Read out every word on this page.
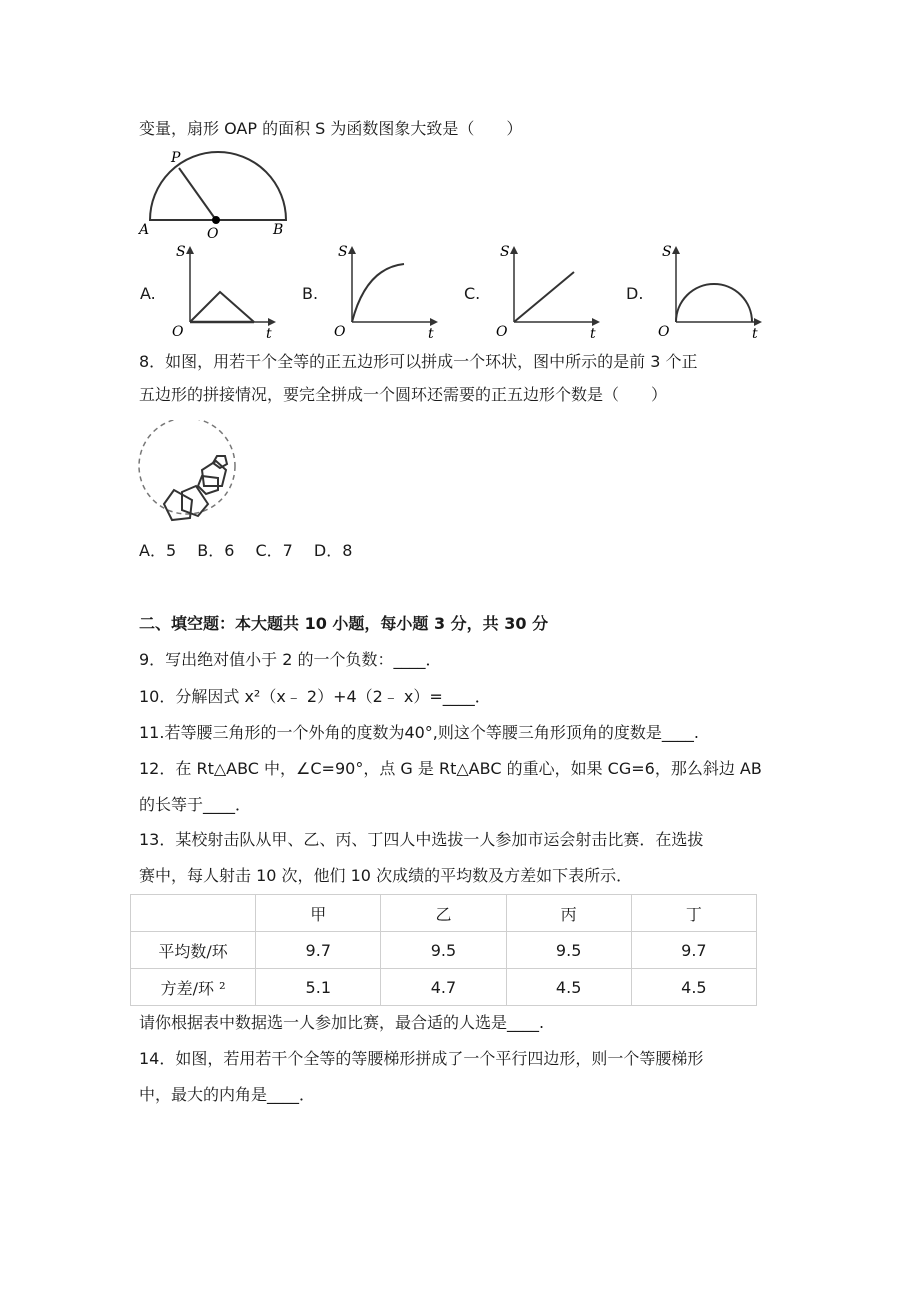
变量，扇形 OAP 的面积 S 为函数图象大致是（　　）
P
A	O	B
A.
S
O	t
B.
S
O	t
C.
S
O	t
D.
S
O	t
8．如图，用若干个全等的正五边形可以拼成一个环状，图中所示的是前 3 个正
五边形的拼接情况，要完全拼成一个圆环还需要的正五边形个数是（　　）
A．5　 B．6　 C．7　 D．8
二、填空题：本大题共 10 小题，每小题 3 分，共 30 分
9．写出绝对值小于 2 的一个负数：____．
10．分解因式 x²（x﹣ 2）+4（2﹣ x）=____．
11.若等腰三角形的一个外角的度数为40°,则这个等腰三角形顶角的度数是____.
12．在 Rt△ABC 中，∠C=90°，点 G 是 Rt△ABC 的重心，如果 CG=6，那么斜边 AB
的长等于____．
13．某校射击队从甲、乙、丙、丁四人中选拔一人参加市运会射击比赛．在选拔
赛中，每人射击 10 次，他们 10 次成绩的平均数及方差如下表所示．
	甲	乙	丙	丁
平均数/环	9.7	9.5	9.5	9.7
方差/环 ²	5.1	4.7	4.5	4.5
请你根据表中数据选一人参加比赛，最合适的人选是____.
14．如图，若用若干个全等的等腰梯形拼成了一个平行四边形，则一个等腰梯形
中，最大的内角是____．
